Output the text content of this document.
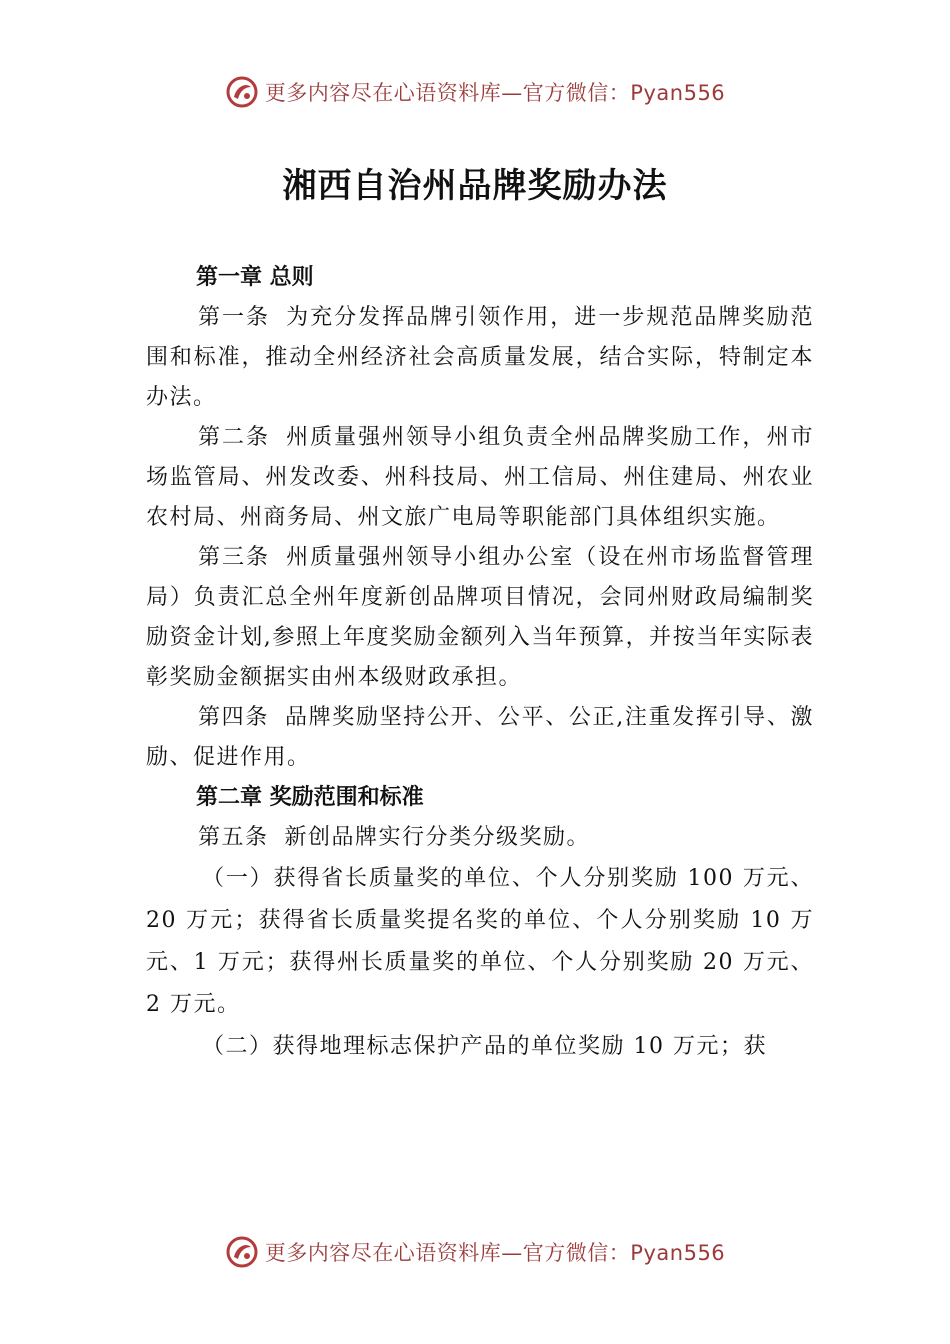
更多内容尽在心语资料库—官方微信：Pyan556
湘西自治州品牌奖励办法

第一章 总则

第一条 为充分发挥品牌引领作用，进一步规范品牌奖励范围和标准，推动全州经济社会高质量发展，结合实际，特制定本办法。

第二条 州质量强州领导小组负责全州品牌奖励工作，州市场监管局、州发改委、州科技局、州工信局、州住建局、州农业农村局、州商务局、州文旅广电局等职能部门具体组织实施。

第三条 州质量强州领导小组办公室（设在州市场监督管理局）负责汇总全州年度新创品牌项目情况，会同州财政局编制奖励资金计划,参照上年度奖励金额列入当年预算，并按当年实际表彰奖励金额据实由州本级财政承担。

第四条 品牌奖励坚持公开、公平、公正,注重发挥引导、激励、促进作用。

第二章 奖励范围和标准

第五条 新创品牌实行分类分级奖励。

（一）获得省长质量奖的单位、个人分别奖励 100 万元、20 万元；获得省长质量奖提名奖的单位、个人分别奖励 10 万元、1 万元；获得州长质量奖的单位、个人分别奖励 20 万元、2 万元。

（二）获得地理标志保护产品的单位奖励 10 万元；获

更多内容尽在心语资料库—官方微信：Pyan556
